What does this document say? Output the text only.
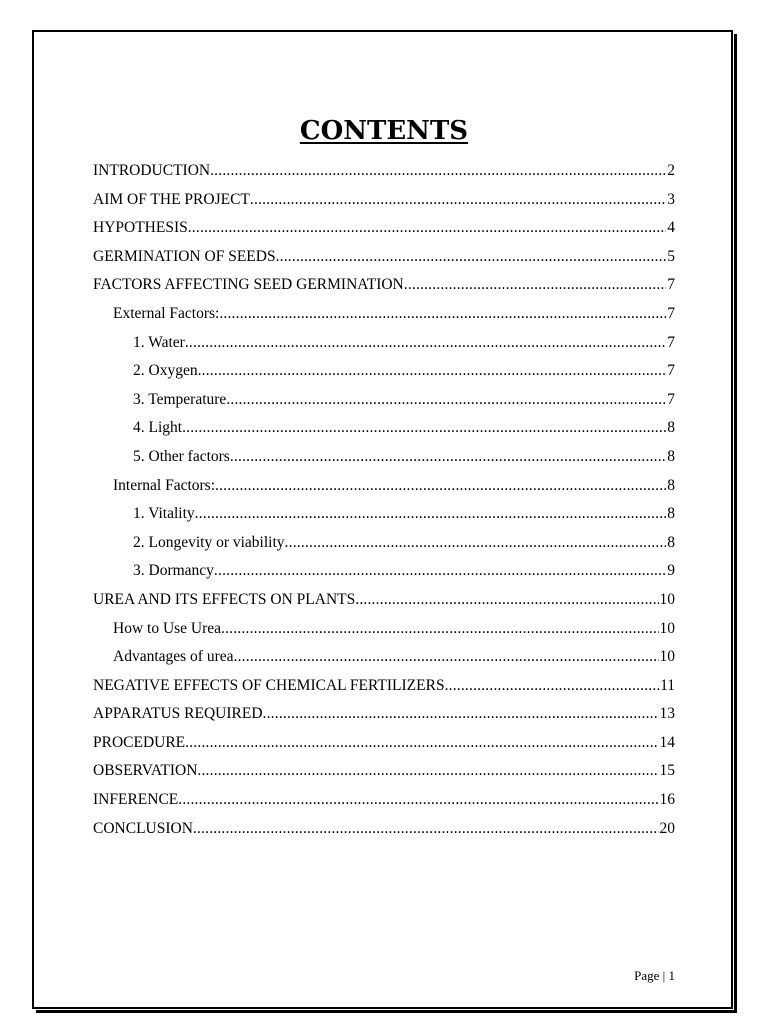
CONTENTS
INTRODUCTION .....	2
AIM OF THE PROJECT .....	3
HYPOTHESIS .....	4
GERMINATION OF SEEDS .....	5
FACTORS AFFECTING SEED GERMINATION .....	7
External Factors: .....	7
1. Water .....	7
2. Oxygen .....	7
3. Temperature .....	7
4. Light .....	8
5. Other factors .....	8
Internal Factors: .....	8
1. Vitality .....	8
2. Longevity or viability .....	8
3. Dormancy .....	9
UREA AND ITS EFFECTS ON PLANTS .....	10
How to Use Urea .....	10
Advantages of urea .....	10
NEGATIVE EFFECTS OF CHEMICAL FERTILIZERS .....	11
APPARATUS REQUIRED .....	13
PROCEDURE .....	14
OBSERVATION .....	15
INFERENCE .....	16
CONCLUSION .....	20
Page | 1
